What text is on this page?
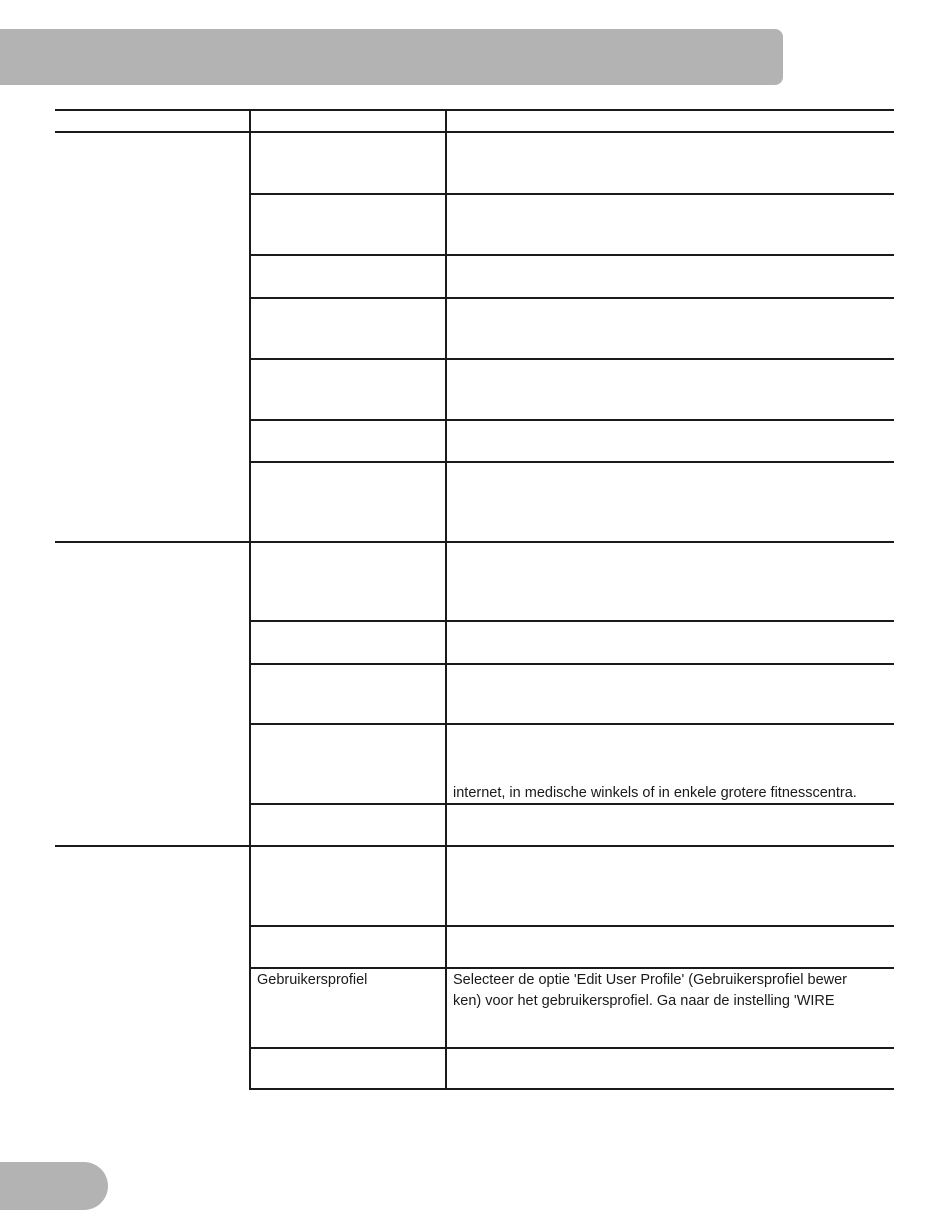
internet, in medische winkels of in enkele grotere fitnesscentra.

Gebruikersprofiel	Selecteer de optie 'Edit User Profile' (Gebruikersprofiel bewer

ken) voor het gebruikersprofiel. Ga naar de instelling 'WIRE
